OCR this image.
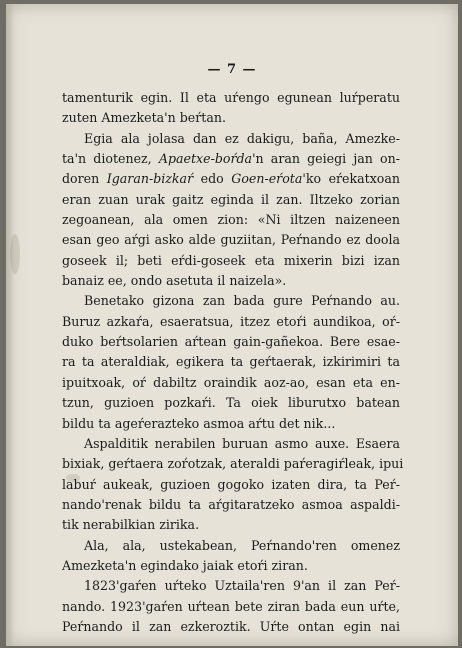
— 7 —
tamenturik egin. Il eta uŕengo egunean luŕperatu
zuten Amezketa'n beŕtan.
Egia ala jolasa dan ez dakigu, baña, Amezke-
ta'n diotenez, Apaetxe-boŕda'n aran geiegi jan on-
doren Igaran-bizkaŕ edo Goen-eŕota'ko eŕekatxoan
eran zuan urak gaitz eginda il zan. Iltzeko zorian
zegoanean, ala omen zion: «Ni iltzen naizeneen
esan geo aŕgi asko alde guziitan, Peŕnando ez doola
goseek il; beti eŕdi-goseek eta mixerin bizi izan
banaiz ee, ondo asetuta il naizela».
Benetako gizona zan bada gure Peŕnando au.
Buruz azkaŕa, esaeratsua, itzez etoŕi aundikoa, oŕ-
duko beŕtsolarien aŕtean gain-gañekoa. Bere esae-
ra ta ateraldiak, egikera ta geŕtaerak, izkirimiri ta
ipuitxoak, oŕ dabiltz oraindik aoz-ao, esan eta en-
tzun, guzioen pozkaŕi. Ta oiek liburutxo batean
bildu ta ageŕerazteko asmoa aŕtu det nik...
Aspalditik nerabilen buruan asmo auxe. Esaera
bixiak, geŕtaera zoŕotzak, ateraldi paŕeragiŕleak, ipui
labuŕ aukeak, guzioen gogoko izaten dira, ta Peŕ-
nando'renak bildu ta aŕgitaratzeko asmoa aspaldi-
tik nerabilkian zirika.
Ala, ala, ustekabean, Peŕnando'ren omenez
Amezketa'n egindako jaiak etoŕi ziran.
1823'gaŕen uŕteko Uztaila'ren 9'an il zan Peŕ-
nando. 1923'gaŕen uŕtean bete ziran bada eun uŕte,
Peŕnando il zan ezkeroztik. Uŕte ontan egin nai
